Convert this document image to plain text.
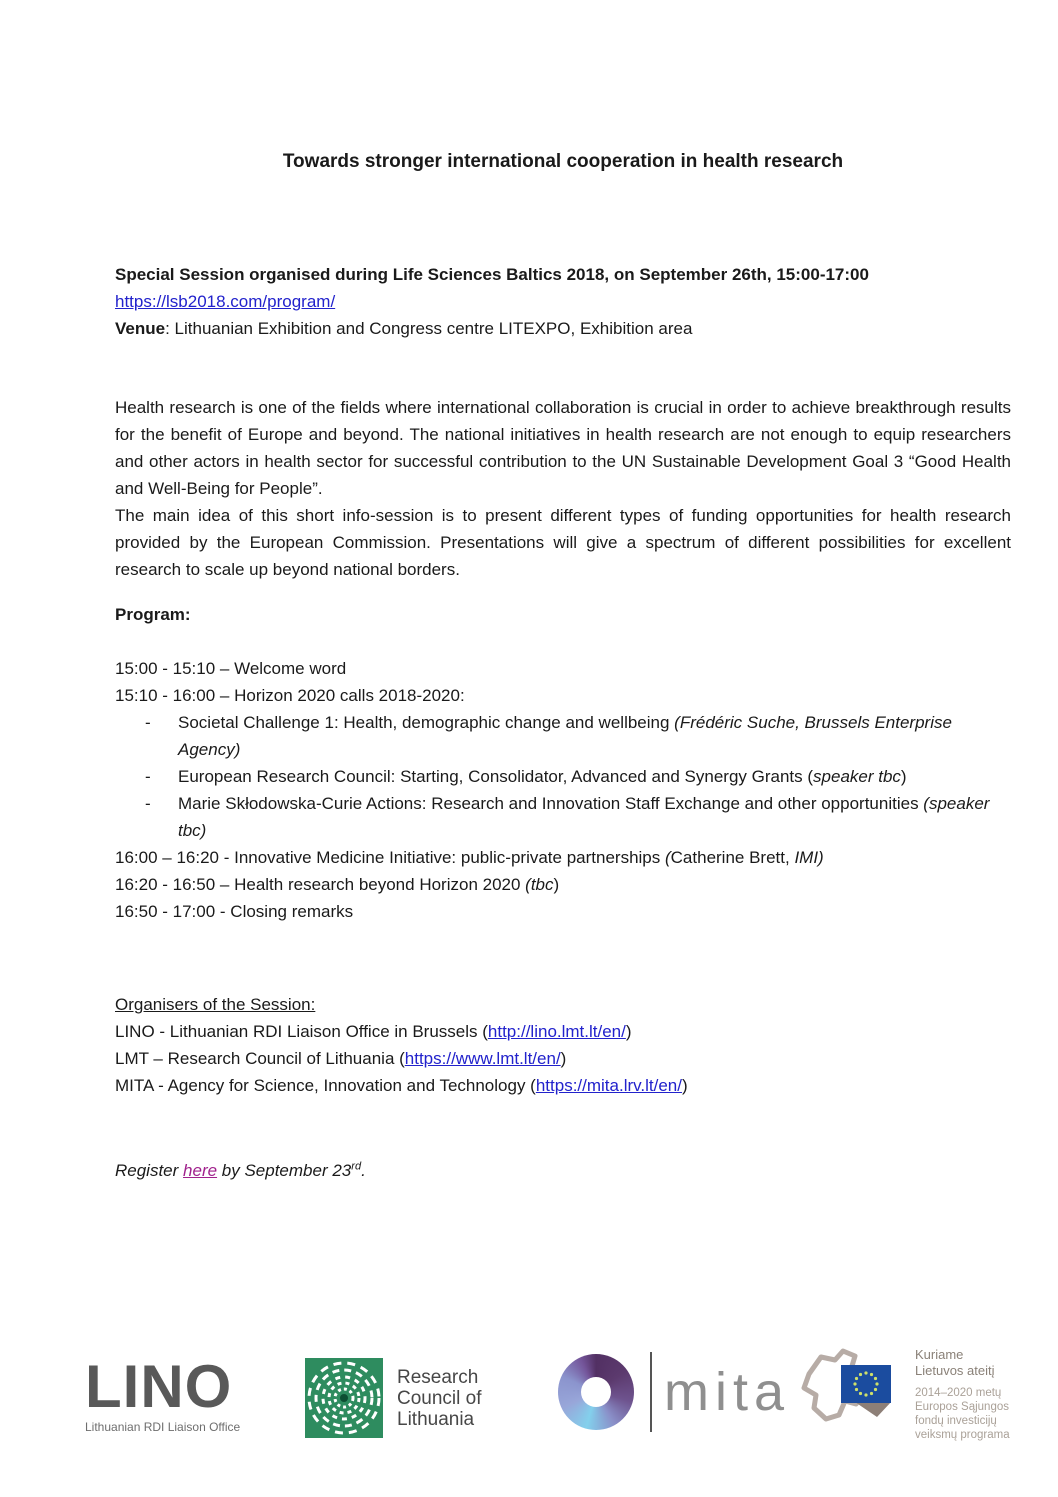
Towards stronger international cooperation in health research
Special Session organised during Life Sciences Baltics 2018, on September 26th, 15:00-17:00
https://lsb2018.com/program/
Venue: Lithuanian Exhibition and Congress centre LITEXPO, Exhibition area

Health research is one of the fields where international collaboration is crucial in order to achieve breakthrough results for the benefit of Europe and beyond. The national initiatives in health research are not enough to equip researchers and other actors in health sector for successful contribution to the UN Sustainable Development Goal 3 “Good Health and Well-Being for People”.

The main idea of this short info-session is to present different types of funding opportunities for health research provided by the European Commission. Presentations will give a spectrum of different possibilities for excellent research to scale up beyond national borders.

Program:
15:00 - 15:10 – Welcome word
15:10 - 16:00 – Horizon 2020 calls 2018-2020:
-	Societal Challenge 1: Health, demographic change and wellbeing (Frédéric Suche, Brussels Enterprise Agency)
-	European Research Council: Starting, Consolidator, Advanced and Synergy Grants (speaker tbc)
-	Marie Skłodowska-Curie Actions: Research and Innovation Staff Exchange and other opportunities (speaker tbc)
16:00 – 16:20 - Innovative Medicine Initiative: public-private partnerships (Catherine Brett, IMI)
16:20 - 16:50 – Health research beyond Horizon 2020 (tbc)
16:50 - 17:00 - Closing remarks
Organisers of the Session:
LINO - Lithuanian RDI Liaison Office in Brussels (http://lino.lmt.lt/en/)
LMT – Research Council of Lithuania (https://www.lmt.lt/en/)
MITA - Agency for Science, Innovation and Technology (https://mita.lrv.lt/en/)
Register here by September 23rd.
LINO
Lithuanian RDI Liaison Office
Research
Council of
Lithuania	mita
Kuriame
Lietuvos ateitį
2014–2020 metų
Europos Sąjungos
fondų investicijų
veiksmų programa
